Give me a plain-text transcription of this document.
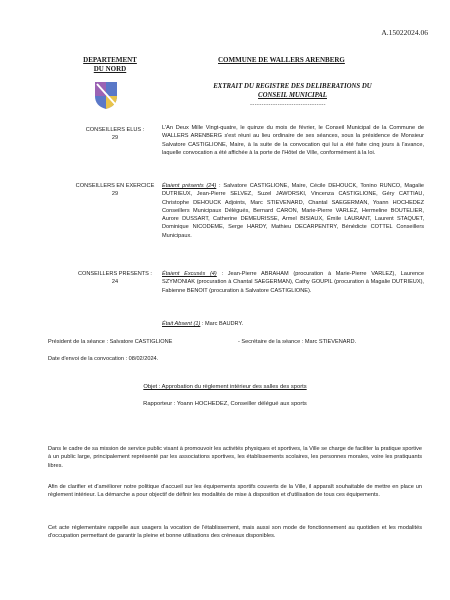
A.15022024.06
DEPARTEMENT
DU NORD
COMMUNE DE WALLERS ARENBERG
EXTRAIT DU REGISTRE DES DELIBERATIONS DU
CONSEIL MUNICIPAL
---------------------------------
CONSEILLERS ELUS :
29
L'An Deux Mille Vingt-quatre, le quinze du mois de février, le Conseil Municipal de la Commune de WALLERS ARENBERG s'est réuni au lieu ordinaire de ses séances, sous la présidence de Monsieur Salvatore CASTIGLIONE, Maire, à la suite de la convocation qui lui a été faite cinq jours à l'avance, laquelle convocation a été affichée à la porte de l'Hôtel de Ville, conformément à la loi.
CONSEILLERS EN EXERCICE
29
Étaient présents (24) : Salvatore CASTIGLIONE, Maire, Cécile DEHOUCK, Tonino RUNCO, Magalie DUTRIEUX, Jean-Pierre SELVEZ, Suzel JAWORSKI, Vincenza CASTIGLIONE, Géry CATTIAU, Christophe DEHOUCK Adjoints, Marc STIEVENARD, Chantal SAEGERMAN, Yoann HOCHEDEZ Conseillers Municipaux Délégués, Bernard CARON, Marie-Pierre VARLEZ, Hermeline BOUTELIER, Aurore DUSSART, Catherine DEMEURISSE, Armel BISIAUX, Émile LAURANT, Laurent STAQUET, Dominique NICODEME, Serge HARDY, Mathieu DECARPENTRY, Bénédicte COTTEL Conseillers Municipaux.
CONSEILLERS PRESENTS :
24
Étaient Excusés (4) : Jean-Pierre ABRAHAM (procuration à Marie-Pierre VARLEZ), Laurence SZYMONIAK (procuration à Chantal SAEGERMAN), Cathy GOUPIL (procuration à Magalie DUTRIEUX), Fabienne BENOIT (procuration à Salvatore CASTIGLIONE).
Était Absent (1) : Marc BAUDRY.
Président de la séance : Salvatore CASTIGLIONE	- Secrétaire de la séance : Marc STIEVENARD.
Date d'envoi de la convocation : 08/02/2024.
Objet : Approbation du règlement intérieur des salles des sports
Rapporteur : Yoann HOCHEDEZ, Conseiller délégué aux sports
Dans le cadre de sa mission de service public visant à promouvoir les activités physiques et sportives, la Ville se charge de faciliter la pratique sportive à un public large, principalement représenté par les associations sportives, les établissements scolaires, les personnes morales, voire les pratiquants libres.
Afin de clarifier et d'améliorer notre politique d'accueil sur les équipements sportifs couverts de la Ville, il apparaît souhaitable de mettre en place un règlement intérieur. La démarche a pour objectif de définir les modalités de mise à disposition et d'utilisation de tous ces équipements.
Cet acte réglementaire rappelle aux usagers la vocation de l'établissement, mais aussi son mode de fonctionnement au quotidien et les modalités d'occupation permettant de garantir la pleine et bonne utilisations des créneaux disponibles.
